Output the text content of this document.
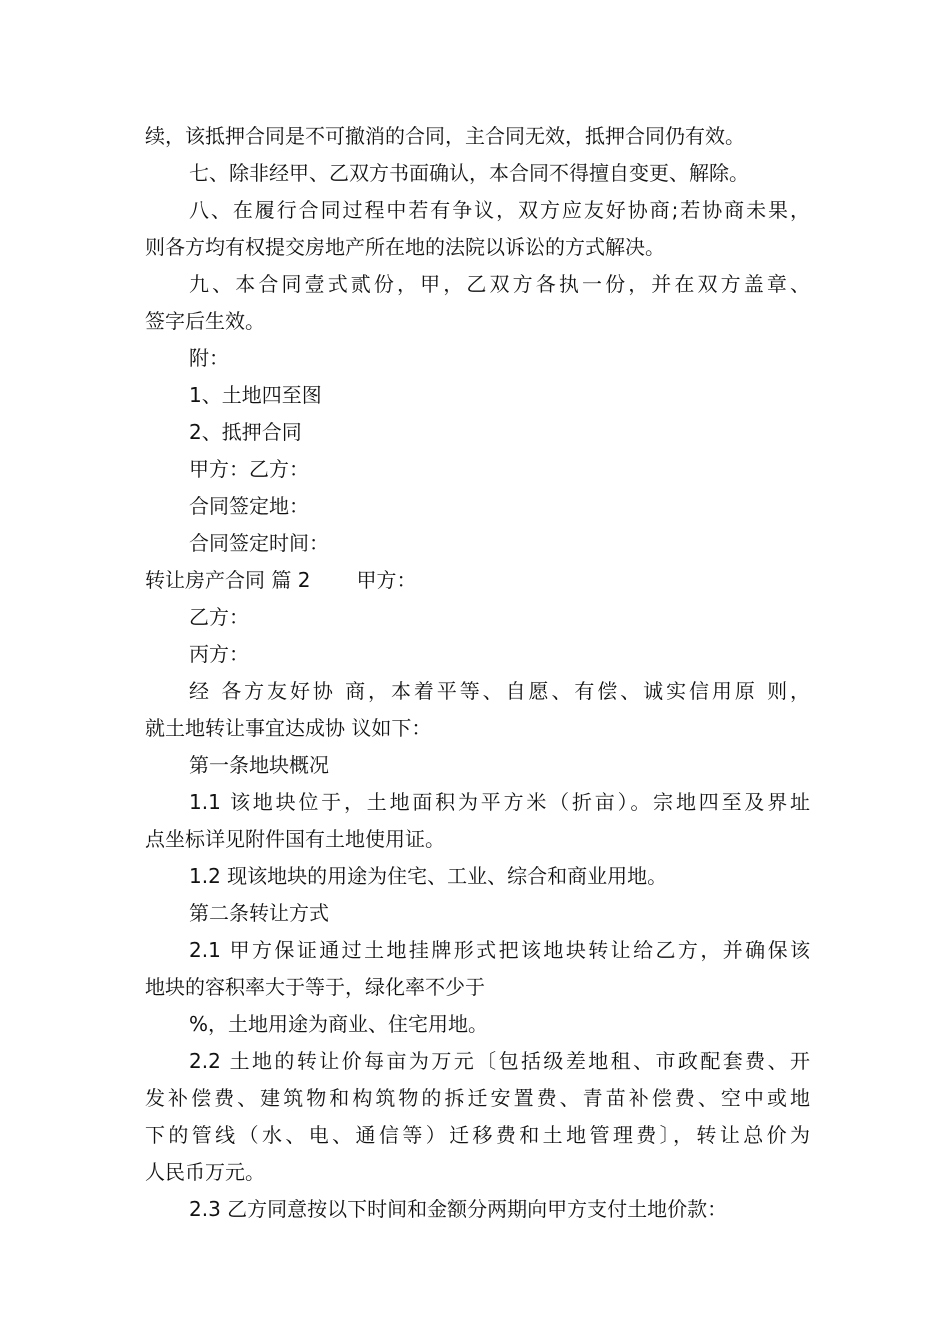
续，该抵押合同是不可撤消的合同，主合同无效，抵押合同仍有效。
七、除非经甲、乙双方书面确认，本合同不得擅自变更、解除。
八、在履行合同过程中若有争议，双方应友好协商;若协商未果，
则各方均有权提交房地产所在地的法院以诉讼的方式解决。
九、本合同壹式贰份，甲，乙双方各执一份，并在双方盖章、
签字后生效。
附：
1、土地四至图
2、抵押合同
甲方：乙方：
合同签定地：
合同签定时间：
转让房产合同 篇 2 甲方：
乙方：
丙方：
经 各方友好协 商，本着平等、自愿、有偿、诚实信用原 则，
就土地转让事宜达成协 议如下：
第一条地块概况
1.1 该地块位于，土地面积为平方米（折亩）。宗地四至及界址
点坐标详见附件国有土地使用证。
1.2 现该地块的用途为住宅、工业、综合和商业用地。
第二条转让方式
2.1 甲方保证通过土地挂牌形式把该地块转让给乙方，并确保该
地块的容积率大于等于，绿化率不少于
%，土地用途为商业、住宅用地。
2.2 土地的转让价每亩为万元〔包括级差地租、市政配套费、开
发补偿费、建筑物和构筑物的拆迁安置费、青苗补偿费、空中或地
下的管线（水、电、通信等）迁移费和土地管理费〕，转让总价为
人民币万元。
2.3 乙方同意按以下时间和金额分两期向甲方支付土地价款：
